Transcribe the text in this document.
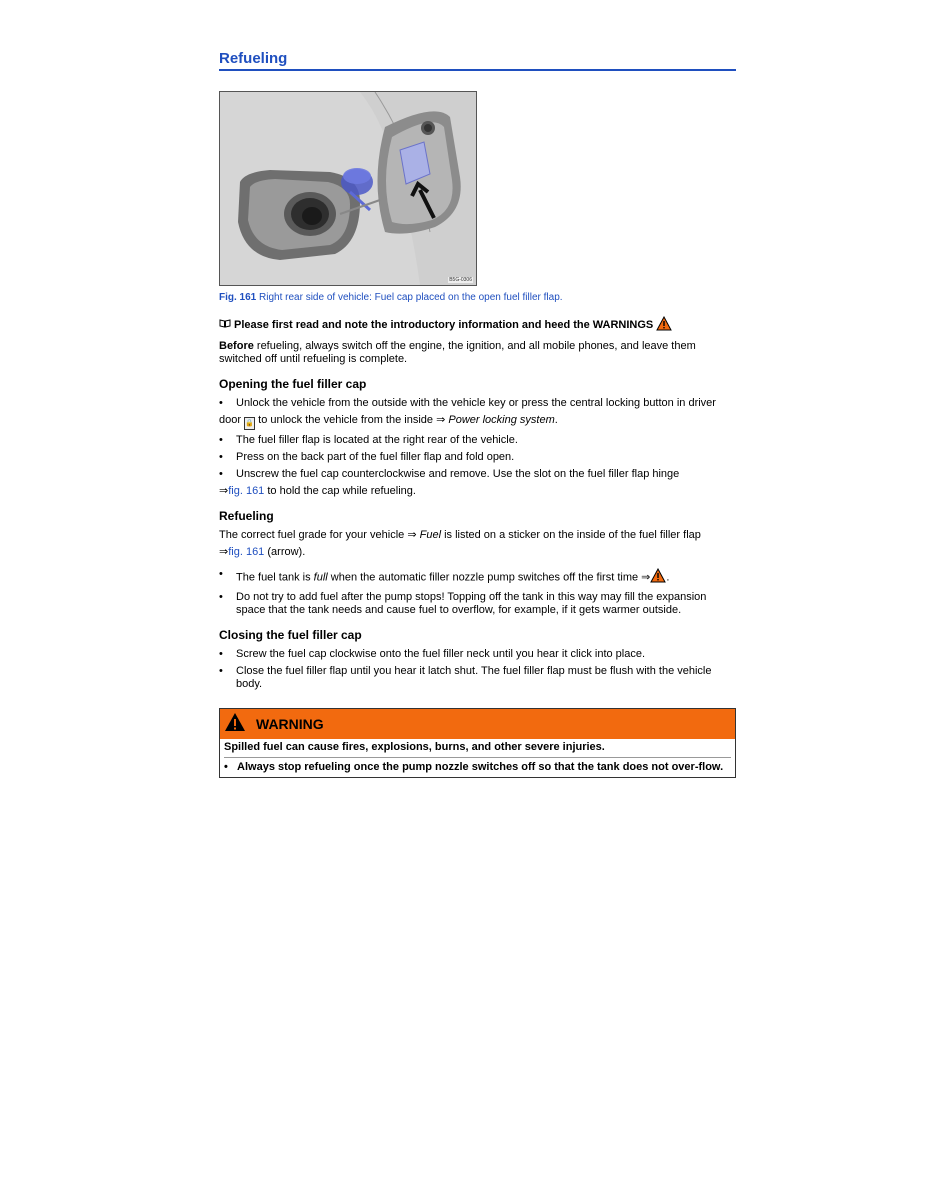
Refueling
B5G-0306
Fig. 161 Right rear side of vehicle: Fuel cap placed on the open fuel filler flap.
Please first read and note the introductory information and heed the WARNINGS

Before refueling, always switch off the engine, the ignition, and all mobile phones, and leave them switched off until refueling is complete.

Opening the fuel filler cap
• Unlock the vehicle from the outside with the vehicle key or press the central locking button in driver
door 🔒 to unlock the vehicle from the inside ⇒ Power locking system.
• The fuel filler flap is located at the right rear of the vehicle.
• Press on the back part of the fuel filler flap and fold open.
• Unscrew the fuel cap counterclockwise and remove. Use the slot on the fuel filler flap hinge
⇒fig. 161 to hold the cap while refueling.
Refueling

The correct fuel grade for your vehicle ⇒ Fuel is listed on a sticker on the inside of the fuel filler flap
⇒fig. 161 (arrow).

• The fuel tank is full when the automatic filler nozzle pump switches off the first time ⇒ .
• Do not try to add fuel after the pump stops! Topping off the tank in this way may fill the expansion space that the tank needs and cause fuel to overflow, for example, if it gets warmer outside.
Closing the fuel filler cap
• Screw the fuel cap clockwise onto the fuel filler neck until you hear it click into place.
• Close the fuel filler flap until you hear it latch shut. The fuel filler flap must be flush with the vehicle body.
WARNING
Spilled fuel can cause fires, explosions, burns, and other severe injuries.
• Always stop refueling once the pump nozzle switches off so that the tank does not over-flow.
